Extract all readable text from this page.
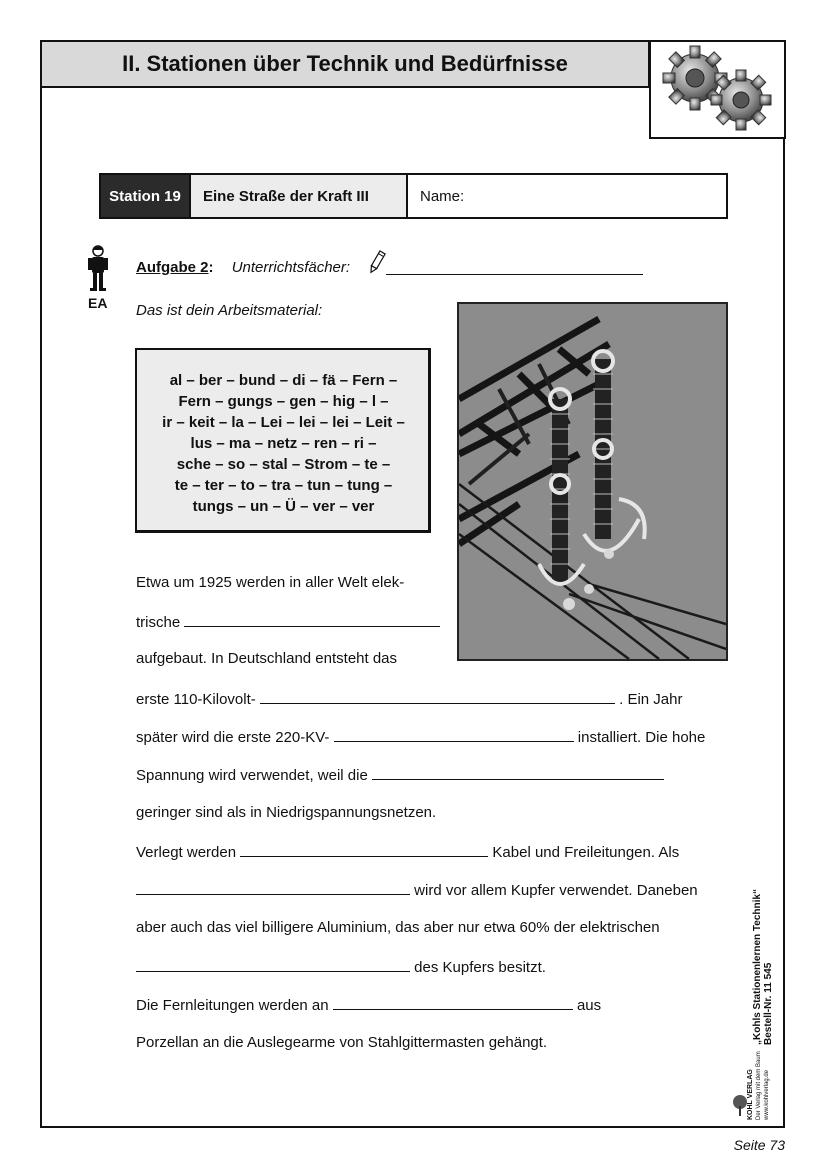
II. Stationen über Technik und Bedürfnisse
Station 19	Eine Straße der Kraft III	Name:
EA
Aufgabe 2: Unterrichtsfächer:
Das ist dein Arbeitsmaterial:
al – ber – bund – di – fä – Fern –
Fern – gungs – gen – hig – l –
ir – keit – la – Lei – lei – lei – Leit –
lus – ma – netz – ren – ri –
sche – so – stal – Strom – te –
te – ter – to – tra – tun – tung –
tungs – un – Ü – ver – ver
Etwa um 1925 werden in aller Welt elek-
trische
aufgebaut. In Deutschland entsteht das
erste 110-Kilovolt-	. Ein Jahr
später wird die erste 220-KV-	installiert. Die hohe
Spannung wird verwendet, weil die
geringer sind als in Niedrigspannungsnetzen.
Verlegt werden	Kabel und Freileitungen. Als
wird vor allem Kupfer verwendet. Daneben
aber auch das viel billigere Aluminium, das aber nur etwa 60% der elektrischen
des Kupfers besitzt.
Die Fernleitungen werden an	aus
Porzellan an die Auslegearme von Stahlgittermasten gehängt.	„Kohls Stationenlernen Technik“ Bestell-Nr. 11 545
KOHL VERLAG Der Verlag mit dem Baum www.kohlverlag.de
Seite 73
